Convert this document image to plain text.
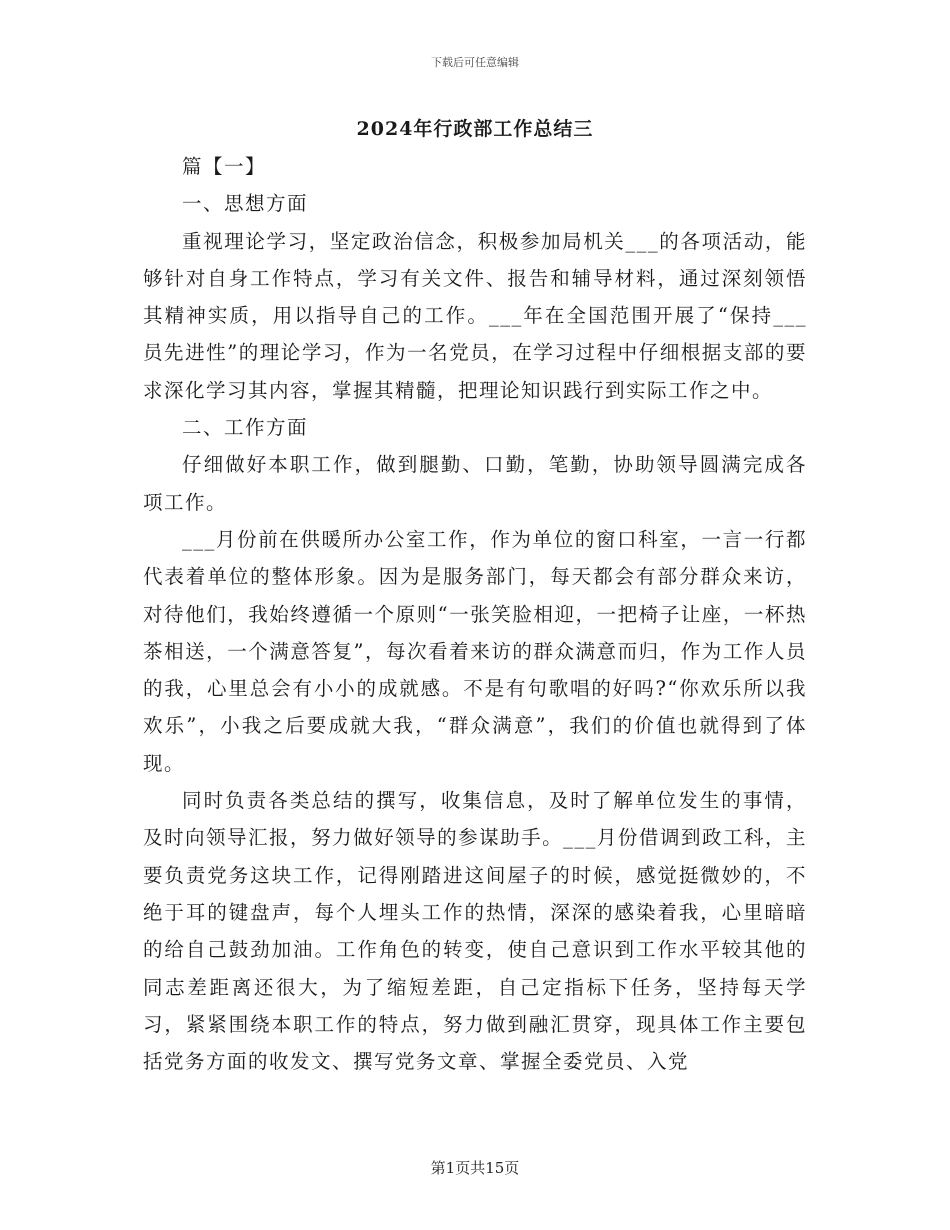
下载后可任意编辑
2024年行政部工作总结三

篇【一】

一、思想方面

重视理论学习，坚定政治信念，积极参加局机关___的各项活动，能够针对自身工作特点，学习有关文件、报告和辅导材料，通过深刻领悟其精神实质，用以指导自己的工作。___年在全国范围开展了“保持___员先进性”的理论学习，作为一名党员，在学习过程中仔细根据支部的要求深化学习其内容，掌握其精髓，把理论知识践行到实际工作之中。

二、工作方面

仔细做好本职工作，做到腿勤、口勤，笔勤，协助领导圆满完成各项工作。

___月份前在供暖所办公室工作，作为单位的窗口科室，一言一行都代表着单位的整体形象。因为是服务部门，每天都会有部分群众来访，对待他们，我始终遵循一个原则“一张笑脸相迎，一把椅子让座，一杯热茶相送，一个满意答复”，每次看着来访的群众满意而归，作为工作人员的我，心里总会有小小的成就感。不是有句歌唱的好吗?“你欢乐所以我欢乐”，小我之后要成就大我，“群众满意”，我们的价值也就得到了体现。

同时负责各类总结的撰写，收集信息，及时了解单位发生的事情，及时向领导汇报，努力做好领导的参谋助手。___月份借调到政工科，主要负责党务这块工作，记得刚踏进这间屋子的时候，感觉挺微妙的，不绝于耳的键盘声，每个人埋头工作的热情，深深的感染着我，心里暗暗的给自己鼓劲加油。工作角色的转变，使自己意识到工作水平较其他的同志差距离还很大，为了缩短差距，自己定指标下任务，坚持每天学习，紧紧围绕本职工作的特点，努力做到融汇贯穿，现具体工作主要包括党务方面的收发文、撰写党务文章、掌握全委党员、入党

第1页共15页
